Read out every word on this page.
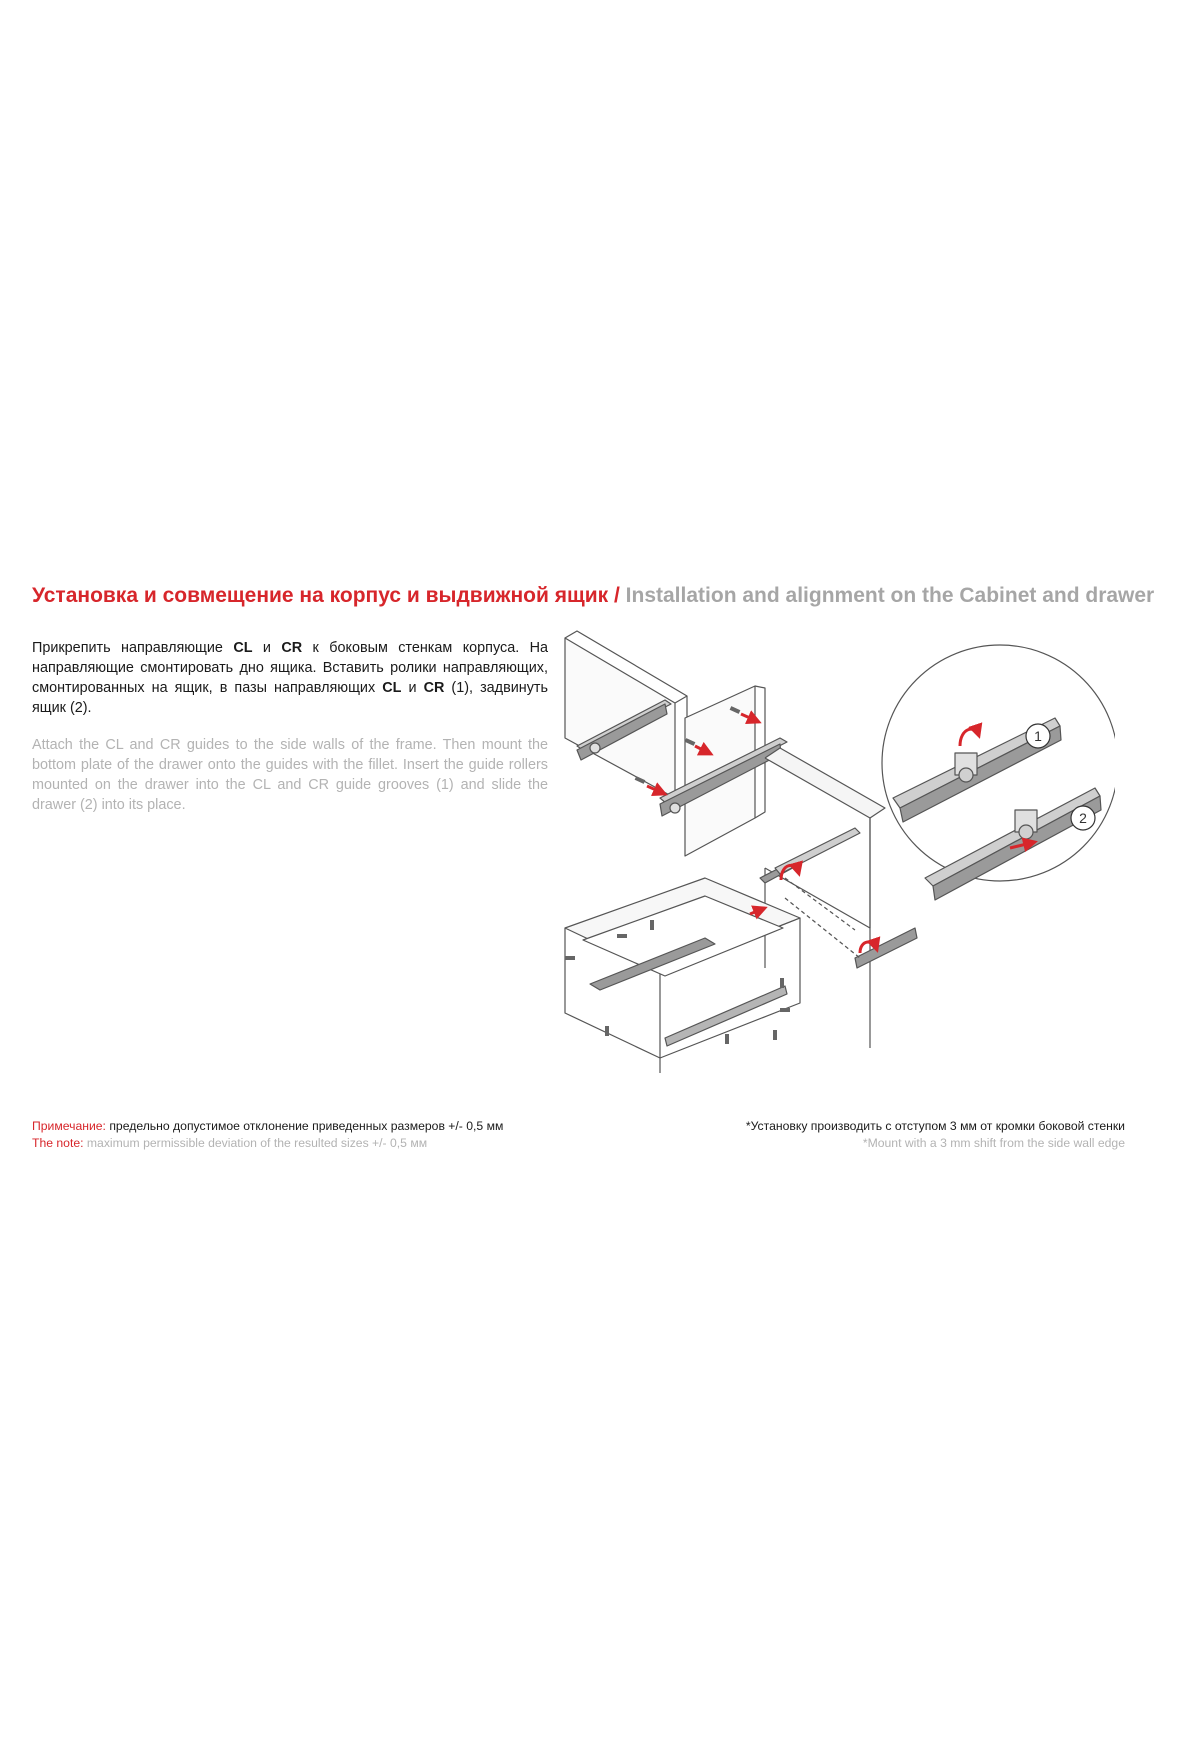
Установка и совмещение на корпус и выдвижной ящик / Installation and alignment on the Cabinet and drawer

Прикрепить направляющие CL и CR к боковым стенкам корпуса. На направляющие смонтировать дно ящика. Вставить ролики направляющих, смонтированных на ящик, в пазы направляющих CL и CR (1), задвинуть ящик (2).

Attach the CL and CR guides to the side walls of the frame. Then mount the bottom plate of the drawer onto the guides with the fillet. Insert the guide rollers mounted on the drawer into the CL and CR guide grooves (1) and slide the drawer (2) into its place.

1
2
Примечание: предельно допустимое отклонение приведенных размеров +/- 0,5 мм
The note: maximum permissible deviation of the resulted sizes +/- 0,5 мм
*Установку производить с отступом 3 мм от кромки боковой стенки
*Mount with a 3 mm shift from the side wall edge
